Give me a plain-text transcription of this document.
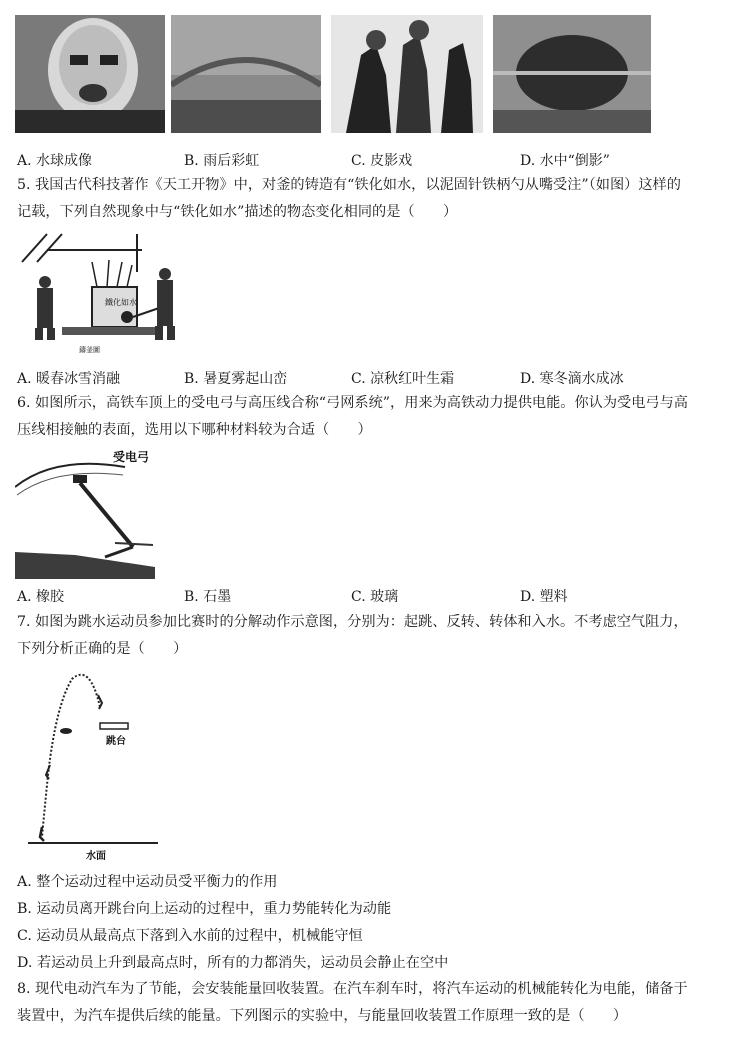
A. 水球成像	B. 雨后彩虹	C. 皮影戏	D. 水中“倒影”
5. 我国古代科技著作《天工开物》中，对釜的铸造有“铁化如水，以泥固针铁柄勺从嘴受注”（如图）这样的
记载，下列自然现象中与“铁化如水”描述的物态变化相同的是（　　）
鐵化如水
鑄釜圖
A. 暖春冰雪消融	B. 暑夏雾起山峦	C. 凉秋红叶生霜	D. 寒冬滴水成冰
6. 如图所示，高铁车顶上的受电弓与高压线合称“弓网系统”，用来为高铁动力提供电能。你认为受电弓与高
压线相接触的表面，选用以下哪种材料较为合适（　　）
受电弓
A. 橡胶	B. 石墨	C. 玻璃	D. 塑料
7. 如图为跳水运动员参加比赛时的分解动作示意图，分别为：起跳、反转、转体和入水。不考虑空气阻力，
下列分析正确的是（　　）
跳台
水面
A. 整个运动过程中运动员受平衡力的作用
B. 运动员离开跳台向上运动的过程中，重力势能转化为动能
C. 运动员从最高点下落到入水前的过程中，机械能守恒
D. 若运动员上升到最高点时，所有的力都消失，运动员会静止在空中
8. 现代电动汽车为了节能，会安装能量回收装置。在汽车刹车时，将汽车运动的机械能转化为电能，储备于
装置中，为汽车提供后续的能量。下列图示的实验中，与能量回收装置工作原理一致的是（　　）
